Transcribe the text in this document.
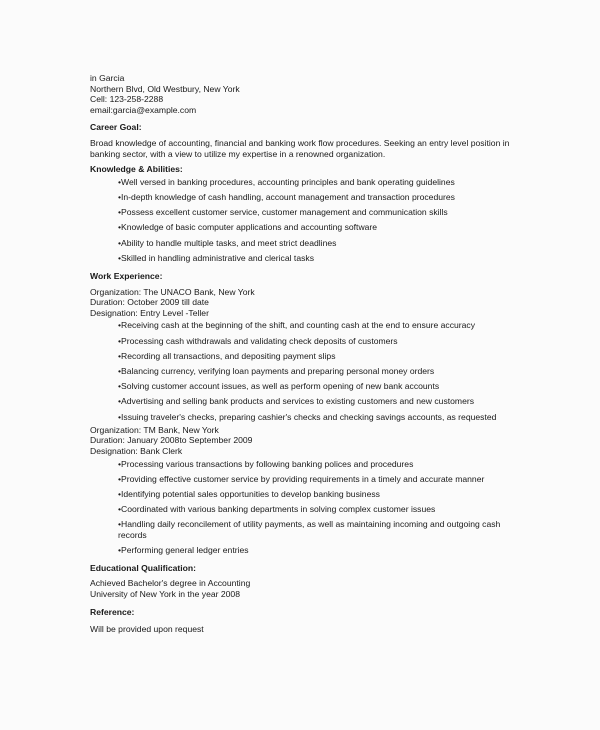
in Garcia
Northern Blvd, Old Westbury, New York
Cell: 123-258-2288
email:garcia@example.com
Career Goal:

Broad knowledge of accounting, financial and banking work flow procedures. Seeking an entry level position in banking sector, with a view to utilize my expertise in a renowned organization.

Knowledge & Abilities:
•Well versed in banking procedures, accounting principles and bank operating guidelines
•In-depth knowledge of cash handling, account management and transaction procedures
•Possess excellent customer service, customer management and communication skills
•Knowledge of basic computer applications and accounting software
•Ability to handle multiple tasks, and meet strict deadlines
•Skilled in handling administrative and clerical tasks
Work Experience:
Organization: The UNACO Bank, New York
Duration: October 2009 till date
Designation: Entry Level -Teller
•Receiving cash at the beginning of the shift, and counting cash at the end to ensure accuracy
•Processing cash withdrawals and validating check deposits of customers
•Recording all transactions, and depositing payment slips
•Balancing currency, verifying loan payments and preparing personal money orders
•Solving customer account issues, as well as perform opening of new bank accounts
•Advertising and selling bank products and services to existing customers and new customers
•Issuing traveler's checks, preparing cashier's checks and checking savings accounts, as requested
Organization: TM Bank, New York
Duration: January 2008to September 2009
Designation: Bank Clerk
•Processing various transactions by following banking polices and procedures
•Providing effective customer service by providing requirements in a timely and accurate manner
•Identifying potential sales opportunities to develop banking business
•Coordinated with various banking departments in solving complex customer issues
•Handling daily reconcilement of utility payments, as well as maintaining incoming and outgoing cash records
•Performing general ledger entries
Educational Qualification:
Achieved Bachelor's degree in Accounting
University of New York in the year 2008
Reference:
Will be provided upon request
